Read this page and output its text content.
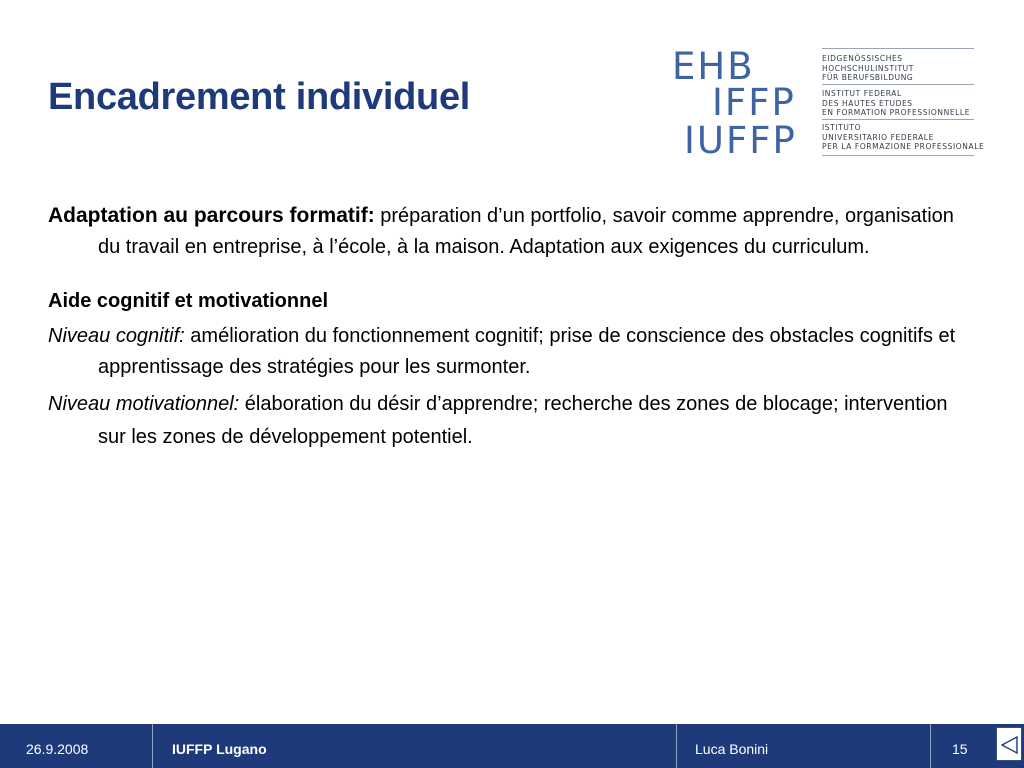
Encadrement individuel
EHB
IFFP
IUFFP
EIDGENÖSSISCHES
HOCHSCHULINSTITUT
FÜR BERUFSBILDUNG
INSTITUT FEDERAL
DES HAUTES ETUDES
EN FORMATION PROFESSIONNELLE
ISTITUTO
UNIVERSITARIO FEDERALE
PER LA FORMAZIONE PROFESSIONALE

Adaptation au parcours formatif: préparation d’un portfolio, savoir comme apprendre, organisation du travail en entreprise, à l’école, à la maison. Adaptation aux exigences du curriculum.

Aide cognitif et motivationnel

Niveau cognitif: amélioration du fonctionnement cognitif; prise de conscience des obstacles cognitifs et apprentissage des stratégies pour les surmonter.

Niveau motivationnel: élaboration du désir d’apprendre; recherche des zones de blocage; intervention sur les zones de développement potentiel.

26.9.2008	IUFFP Lugano	Luca Bonini	15
